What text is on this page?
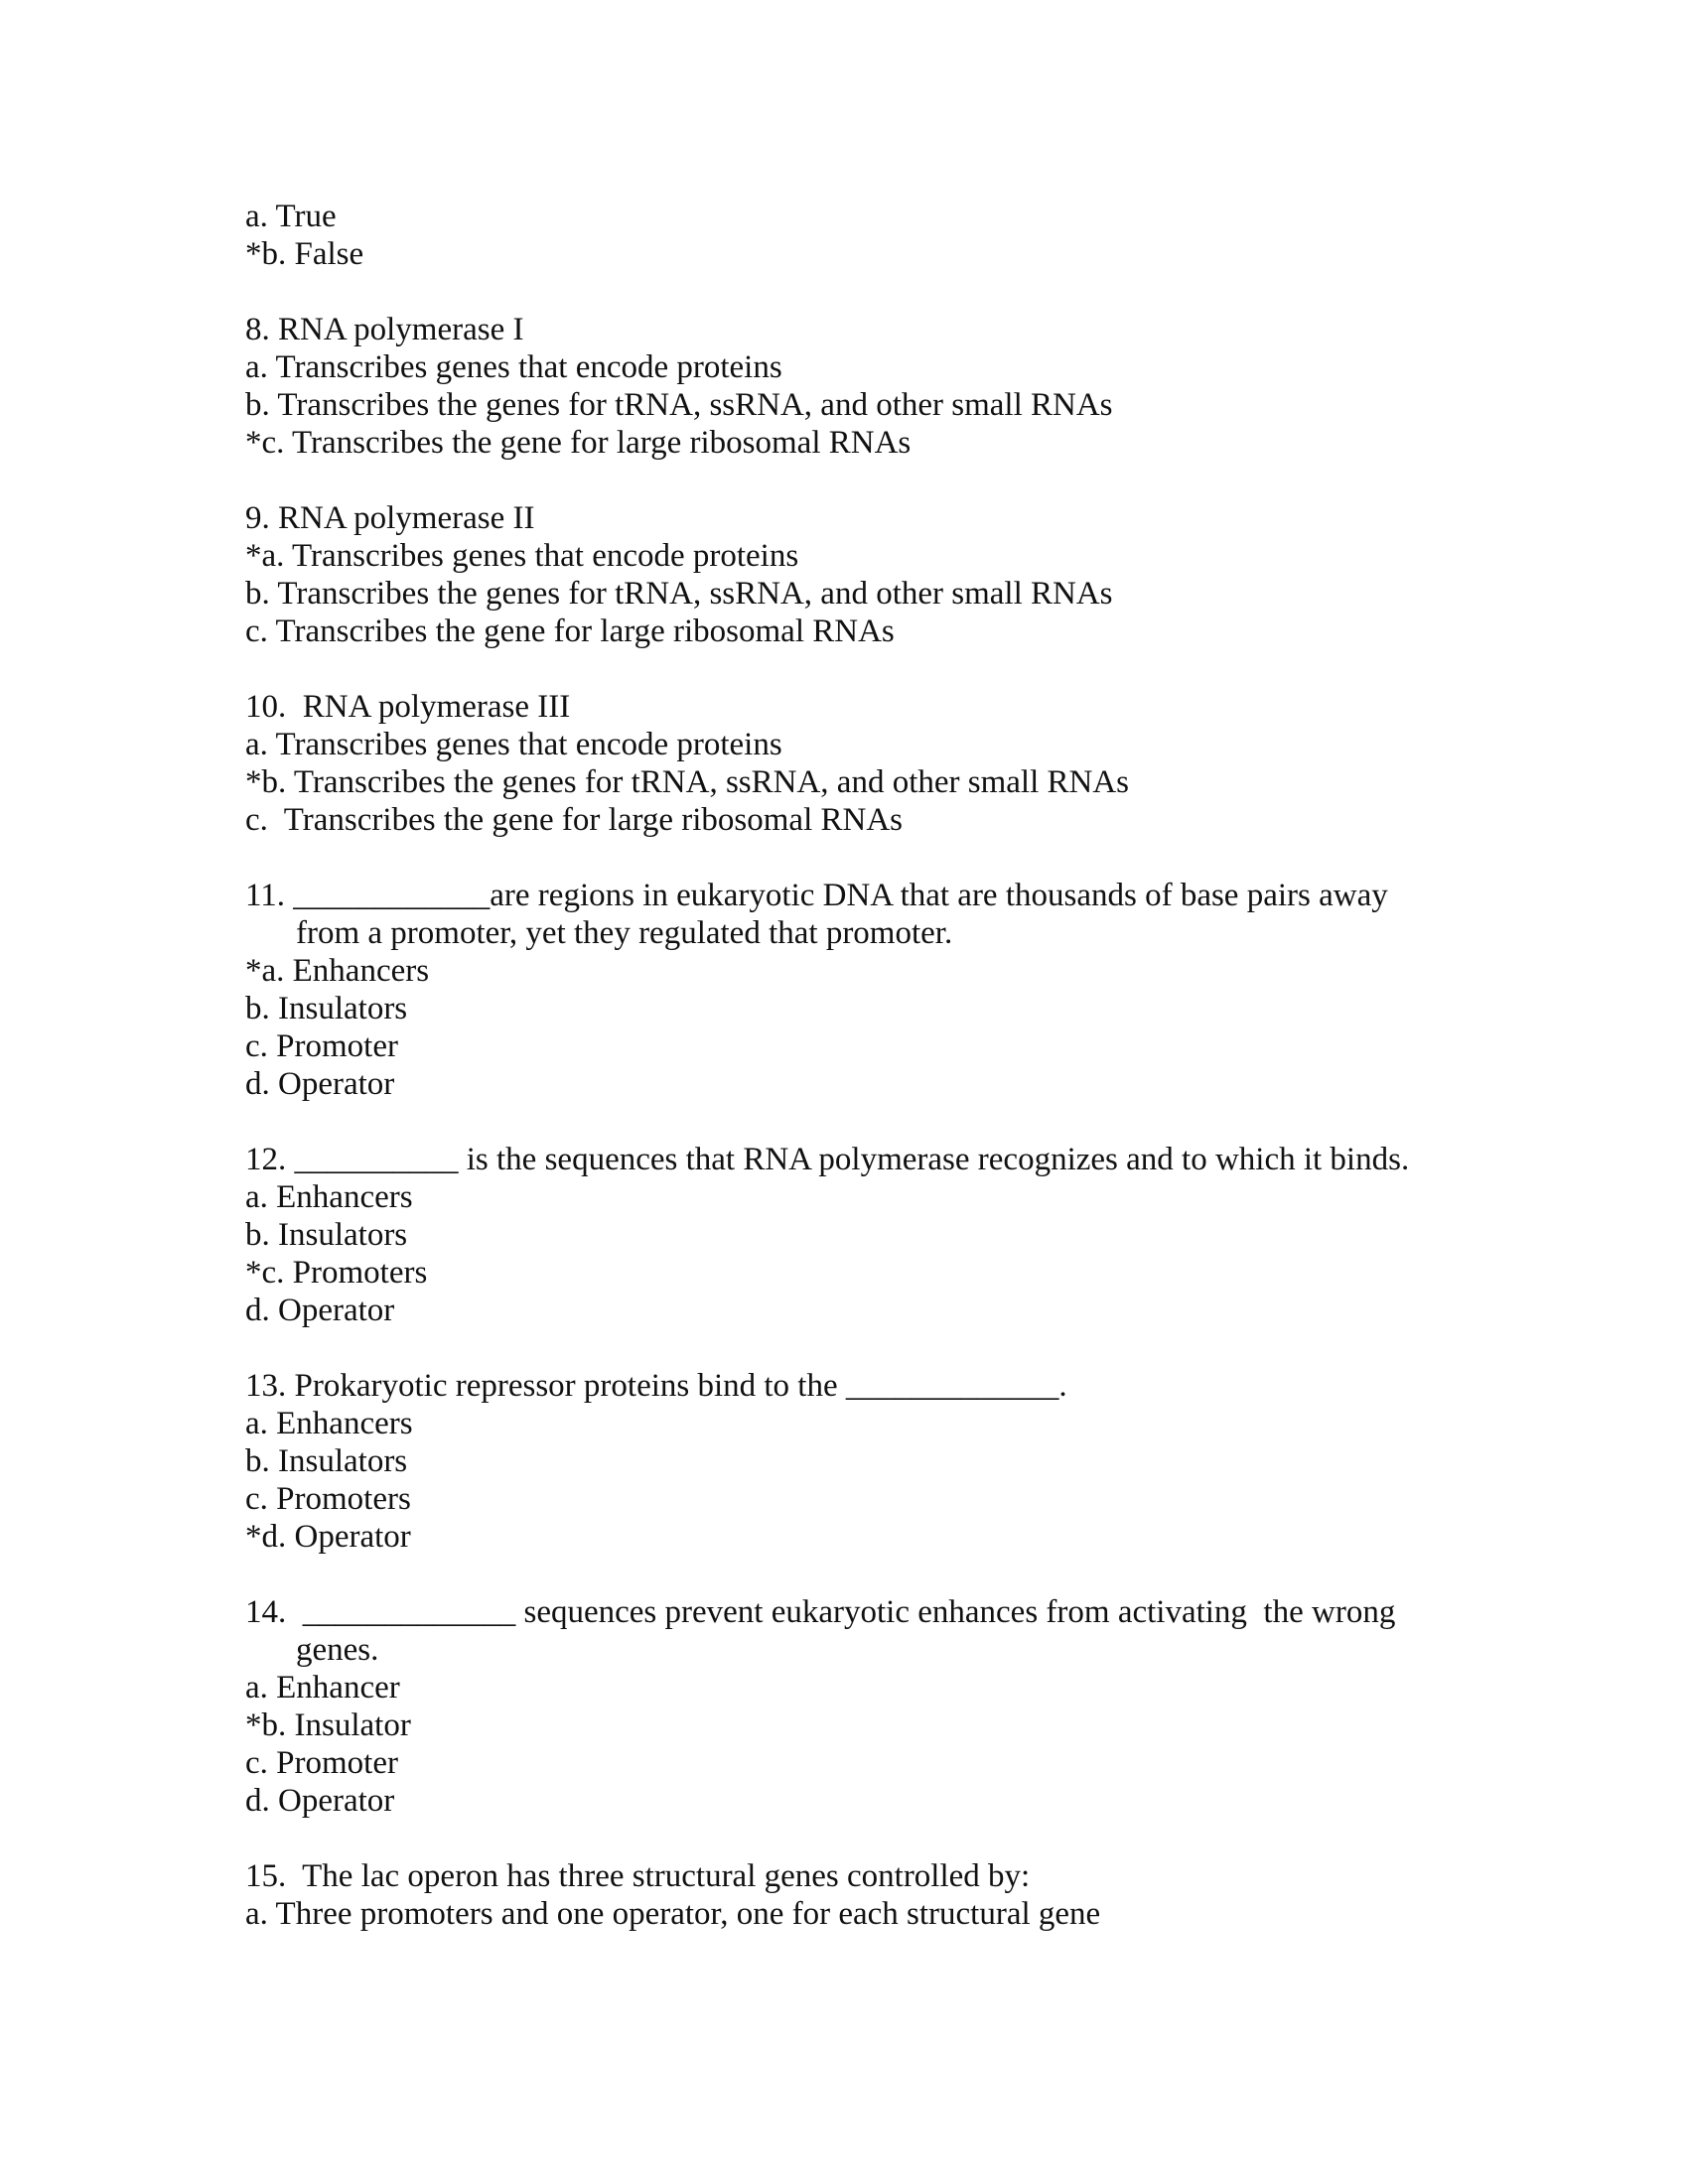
a. True
*b. False
8. RNA polymerase I
a. Transcribes genes that encode proteins
b. Transcribes the genes for tRNA, ssRNA, and other small RNAs
*c. Transcribes the gene for large ribosomal RNAs
9. RNA polymerase II
*a. Transcribes genes that encode proteins
b. Transcribes the genes for tRNA, ssRNA, and other small RNAs
c. Transcribes the gene for large ribosomal RNAs
10.  RNA polymerase III
a. Transcribes genes that encode proteins
*b. Transcribes the genes for tRNA, ssRNA, and other small RNAs
c.  Transcribes the gene for large ribosomal RNAs
11. ____________are regions in eukaryotic DNA that are thousands of base pairs away
from a promoter, yet they regulated that promoter.
*a. Enhancers
b. Insulators
c. Promoter
d. Operator
12. __________ is the sequences that RNA polymerase recognizes and to which it binds.
a. Enhancers
b. Insulators
*c. Promoters
d. Operator
13. Prokaryotic repressor proteins bind to the _____________.
a. Enhancers
b. Insulators
c. Promoters
*d. Operator
14.  _____________ sequences prevent eukaryotic enhances from activating  the wrong
genes.
a. Enhancer
*b. Insulator
c. Promoter
d. Operator
15.  The lac operon has three structural genes controlled by:
a. Three promoters and one operator, one for each structural gene
